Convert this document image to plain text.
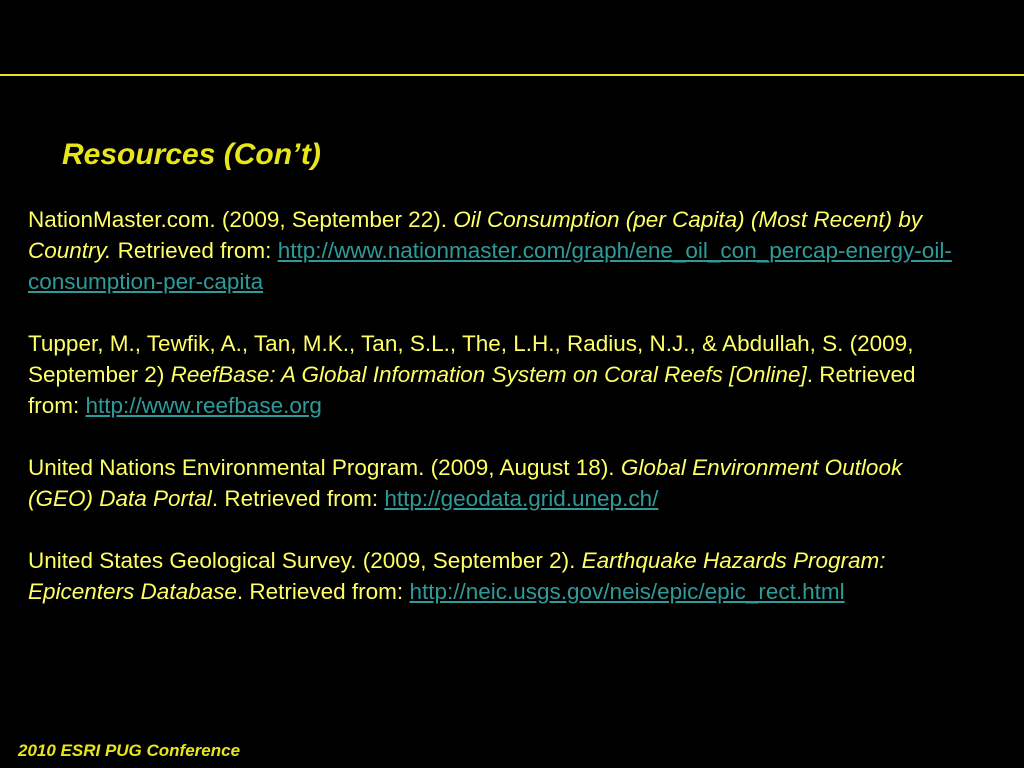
Resources (Con’t)

NationMaster.com. (2009, September 22). Oil Consumption (per Capita) (Most Recent) by Country. Retrieved from: http://www.nationmaster.com/graph/ene_oil_con_percap-energy-oil-consumption-per-capita

Tupper, M., Tewfik, A., Tan, M.K., Tan, S.L., The, L.H., Radius, N.J., & Abdullah, S. (2009, September 2) ReefBase: A Global Information System on Coral Reefs [Online]. Retrieved from: http://www.reefbase.org

United Nations Environmental Program. (2009, August 18). Global Environment Outlook (GEO) Data Portal. Retrieved from: http://geodata.grid.unep.ch/

United States Geological Survey. (2009, September 2). Earthquake Hazards Program: Epicenters Database. Retrieved from: http://neic.usgs.gov/neis/epic/epic_rect.html

2010 ESRI PUG Conference
